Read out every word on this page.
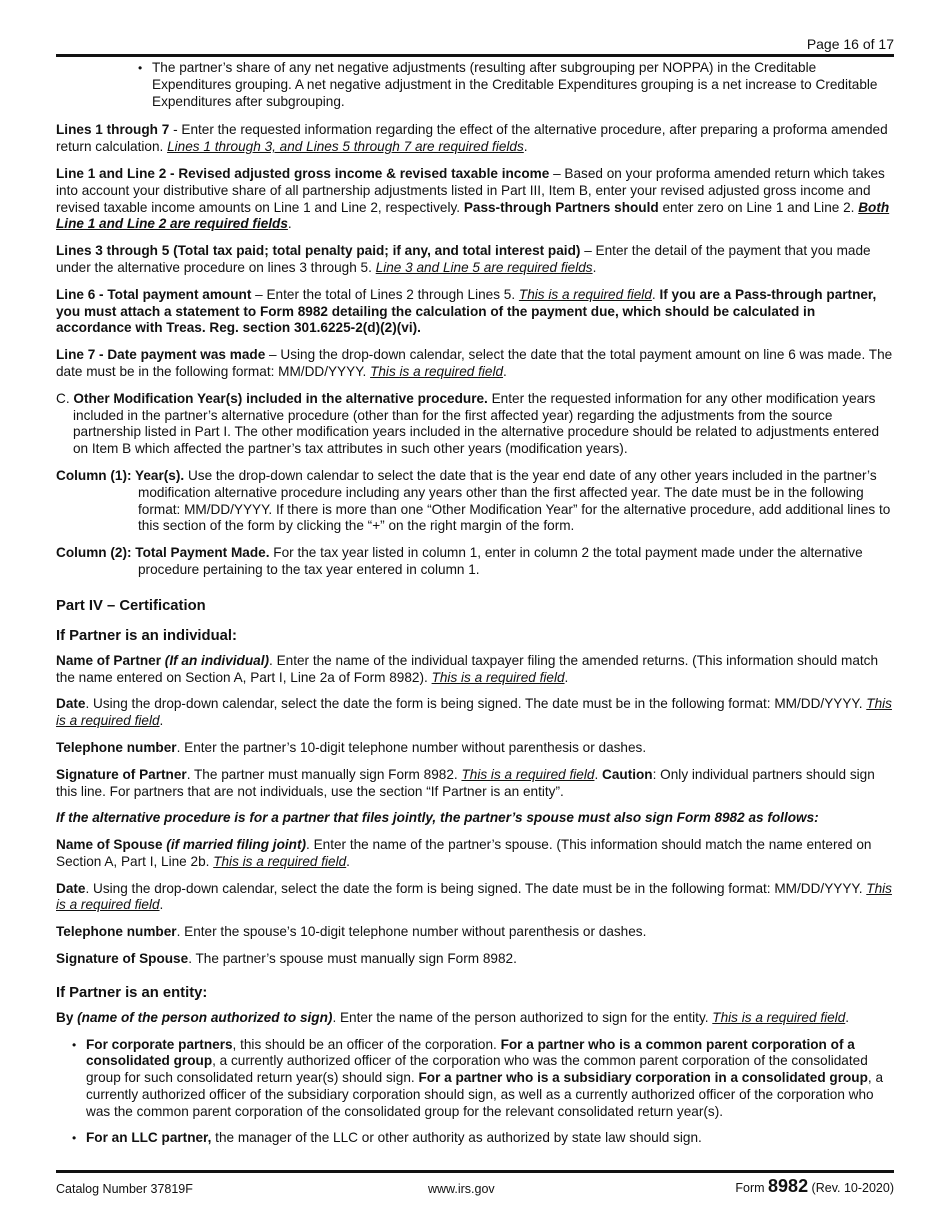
Page 16 of 17
• The partner’s share of any net negative adjustments (resulting after subgrouping per NOPPA) in the Creditable Expenditures grouping. A net negative adjustment in the Creditable Expenditures grouping is a net increase to Creditable Expenditures after subgrouping.

Lines 1 through 7 - Enter the requested information regarding the effect of the alternative procedure, after preparing a proforma amended return calculation. Lines 1 through 3, and Lines 5 through 7 are required fields.

Line 1 and Line 2 - Revised adjusted gross income & revised taxable income – Based on your proforma amended return which takes into account your distributive share of all partnership adjustments listed in Part III, Item B, enter your revised adjusted gross income and revised taxable income amounts on Line 1 and Line 2, respectively. Pass-through Partners should enter zero on Line 1 and Line 2. Both Line 1 and Line 2 are required fields.

Lines 3 through 5 (Total tax paid; total penalty paid; if any, and total interest paid) – Enter the detail of the payment that you made under the alternative procedure on lines 3 through 5. Line 3 and Line 5 are required fields.

Line 6 - Total payment amount – Enter the total of Lines 2 through Lines 5. This is a required field. If you are a Pass-through partner, you must attach a statement to Form 8982 detailing the calculation of the payment due, which should be calculated in accordance with Treas. Reg. section 301.6225-2(d)(2)(vi).

Line 7 - Date payment was made – Using the drop-down calendar, select the date that the total payment amount on line 6 was made. The date must be in the following format: MM/DD/YYYY. This is a required field.

C. Other Modification Year(s) included in the alternative procedure. Enter the requested information for any other modification years included in the partner’s alternative procedure (other than for the first affected year) regarding the adjustments from the source partnership listed in Part I. The other modification years included in the alternative procedure should be related to adjustments entered on Item B which affected the partner’s tax attributes in such other years (modification years).

Column (1): Year(s). Use the drop-down calendar to select the date that is the year end date of any other years included in the partner’s modification alternative procedure including any years other than the first affected year. The date must be in the following format: MM/DD/YYYY. If there is more than one “Other Modification Year” for the alternative procedure, add additional lines to this section of the form by clicking the “+” on the right margin of the form.

Column (2): Total Payment Made. For the tax year listed in column 1, enter in column 2 the total payment made under the alternative procedure pertaining to the tax year entered in column 1.

Part IV – Certification
If Partner is an individual:

Name of Partner (If an individual). Enter the name of the individual taxpayer filing the amended returns. (This information should match the name entered on Section A, Part I, Line 2a of Form 8982). This is a required field.

Date. Using the drop-down calendar, select the date the form is being signed. The date must be in the following format: MM/DD/YYYY. This is a required field.

Telephone number. Enter the partner’s 10-digit telephone number without parenthesis or dashes.

Signature of Partner. The partner must manually sign Form 8982. This is a required field. Caution: Only individual partners should sign this line. For partners that are not individuals, use the section “If Partner is an entity”.

If the alternative procedure is for a partner that files jointly, the partner’s spouse must also sign Form 8982 as follows:

Name of Spouse (if married filing joint). Enter the name of the partner’s spouse. (This information should match the name entered on Section A, Part I, Line 2b. This is a required field.

Date. Using the drop-down calendar, select the date the form is being signed. The date must be in the following format: MM/DD/YYYY. This is a required field.

Telephone number. Enter the spouse’s 10-digit telephone number without parenthesis or dashes.

Signature of Spouse. The partner’s spouse must manually sign Form 8982.

If Partner is an entity:

By (name of the person authorized to sign). Enter the name of the person authorized to sign for the entity. This is a required field.

• For corporate partners, this should be an officer of the corporation. For a partner who is a common parent corporation of a consolidated group, a currently authorized officer of the corporation who was the common parent corporation of the consolidated group for such consolidated return year(s) should sign. For a partner who is a subsidiary corporation in a consolidated group, a currently authorized officer of the subsidiary corporation should sign, as well as a currently authorized officer of the corporation who was the common parent corporation of the consolidated group for the relevant consolidated return year(s).
• For an LLC partner, the manager of the LLC or other authority as authorized by state law should sign.
Catalog Number 37819F	www.irs.gov	Form 8982 (Rev. 10-2020)
